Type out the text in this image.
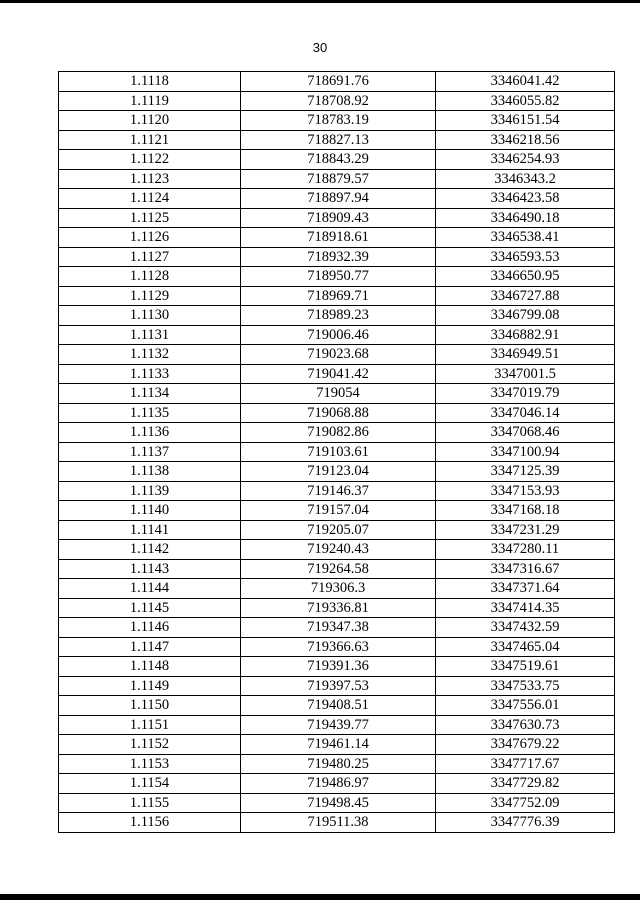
30
1.1118	718691.76	3346041.42
1.1119	718708.92	3346055.82
1.1120	718783.19	3346151.54
1.1121	718827.13	3346218.56
1.1122	718843.29	3346254.93
1.1123	718879.57	3346343.2
1.1124	718897.94	3346423.58
1.1125	718909.43	3346490.18
1.1126	718918.61	3346538.41
1.1127	718932.39	3346593.53
1.1128	718950.77	3346650.95
1.1129	718969.71	3346727.88
1.1130	718989.23	3346799.08
1.1131	719006.46	3346882.91
1.1132	719023.68	3346949.51
1.1133	719041.42	3347001.5
1.1134	719054	3347019.79
1.1135	719068.88	3347046.14
1.1136	719082.86	3347068.46
1.1137	719103.61	3347100.94
1.1138	719123.04	3347125.39
1.1139	719146.37	3347153.93
1.1140	719157.04	3347168.18
1.1141	719205.07	3347231.29
1.1142	719240.43	3347280.11
1.1143	719264.58	3347316.67
1.1144	719306.3	3347371.64
1.1145	719336.81	3347414.35
1.1146	719347.38	3347432.59
1.1147	719366.63	3347465.04
1.1148	719391.36	3347519.61
1.1149	719397.53	3347533.75
1.1150	719408.51	3347556.01
1.1151	719439.77	3347630.73
1.1152	719461.14	3347679.22
1.1153	719480.25	3347717.67
1.1154	719486.97	3347729.82
1.1155	719498.45	3347752.09
1.1156	719511.38	3347776.39
